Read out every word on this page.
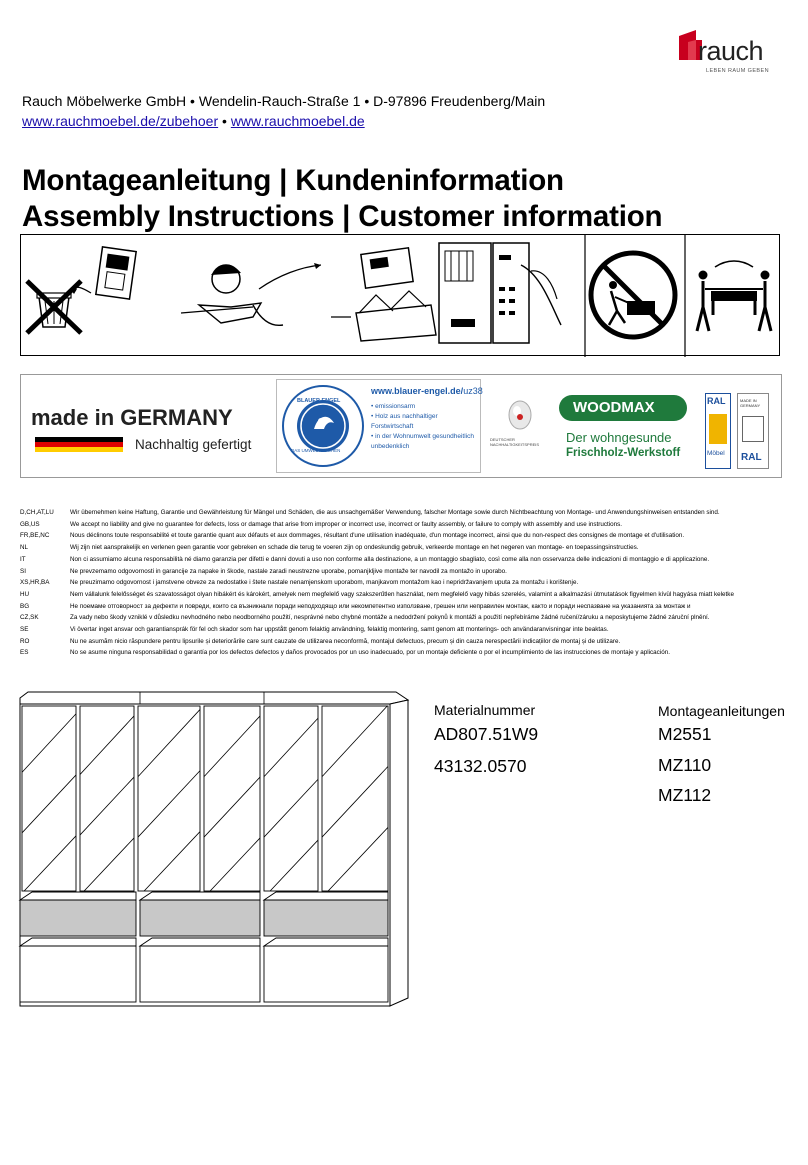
rauch
LEBEN RAUM GEBEN
Rauch Möbelwerke GmbH • Wendelin-Rauch-Straße 1 • D-97896 Freudenberg/Main
www.rauchmoebel.de/zubehoer • www.rauchmoebel.de
Montageanleitung | Kundeninformation
Assembly Instructions | Customer information
made in GERMANY
Nachhaltig gefertigt
BLAUER ENGEL
DAS UMWELTZEICHEN
www.blauer-engel.de/uz38
• emissionsarm
• Holz aus nachhaltiger Forstwirtschaft
• in der Wohnumwelt gesundheitlich unbedenklich
DEUTSCHER NACHHALTIGKEITSPREIS
WOODMAX
Der wohngesunde
Frischholz-Werkstoff
RAL
Möbel
MADE IN GERMANY
RAL
D,CH,AT,LU	Wir übernehmen keine Haftung, Garantie und Gewährleistung für Mängel und Schäden, die aus unsachgemäßer Verwendung, falscher Montage sowie durch Nichtbeachtung von Montage- und Anwendungshinweisen entstanden sind.
GB,US	We accept no liability and give no guarantee for defects, loss or damage that arise from improper or incorrect use, incorrect or faulty assembly, or failure to comply with assembly and use instructions.
FR,BE,NC	Nous déclinons toute responsabilité et toute garantie quant aux défauts et aux dommages, résultant d'une utilisation inadéquate, d'un montage incorrect, ainsi que du non-respect des consignes de montage et d'utilisation.
NL	Wij zijn niet aansprakelijk en verlenen geen garantie voor gebreken en schade die terug te voeren zijn op ondeskundig gebruik, verkeerde montage en het negeren van montage- en toepassingsinstructies.
IT	Non ci assumiamo alcuna responsabilità né diamo garanzia per difetti e danni dovuti a uso non conforme alla destinazione, a un montaggio sbagliato, così come alla non osservanza delle indicazioni di montaggio e di applicazione.
SI	Ne prevzemamo odgovornosti in garancije za napake in škode, nastale zaradi neustrezne uporabe, pomanjkljive montaže ter navodil za montažo in uporabo.
XS,HR,BA	Ne preuzimamo odgovornost i jamstvene obveze za nedostatke i štete nastale nenamjenskom uporabom, manjkavom montažom kao i nepridržavanjem uputa za montažu i korištenje.
HU	Nem vállalunk felelősséget és szavatosságot olyan hibákért és károkért, amelyek nem megfelelő vagy szakszerűtlen használat, nem megfelelő vagy hibás szerelés, valamint a alkalmazási útmutatások figyelmen kívül hagyása miatt keletke
BG	Не поемаме отговорност за дефекти и повреди, които са възникнали поради неподходящо или некомпетентно използване, грешен или неправилен монтаж, както и поради неспазване на указанията за монтаж и
CZ,SK	Za vady nebo škody vzniklé v důsledku nevhodného nebo neodborného použití, nesprávné nebo chybné montáže a nedodržení pokynů k montáži a použití nepřebíráme žádné ručení/záruku a neposkytujeme žádné záruční plnění.
SE	Vi övertar inget ansvar och garantiansprák för fel och skador som har uppstått genom felaktig användning, felaktig montering, samt genom att monterings- och användaranvisningar inte beaktas.
RO	Nu ne asumăm nicio răspundere pentru lipsurile și deteriorările care sunt cauzate de utilizarea neconformă, montajul defectuos, precum și din cauza nerespectării indicațiilor de montaj și de utilizare.
ES	No se asume ninguna responsabilidad o garantía por los defectos defectos y daños provocados por un uso inadecuado, por un montaje deficiente o por el incumplimiento de las instrucciones de montaje y aplicación.
Materialnummer
AD807.51W9
43132.0570
Montageanleitungen
M2551
MZ110
MZ112
